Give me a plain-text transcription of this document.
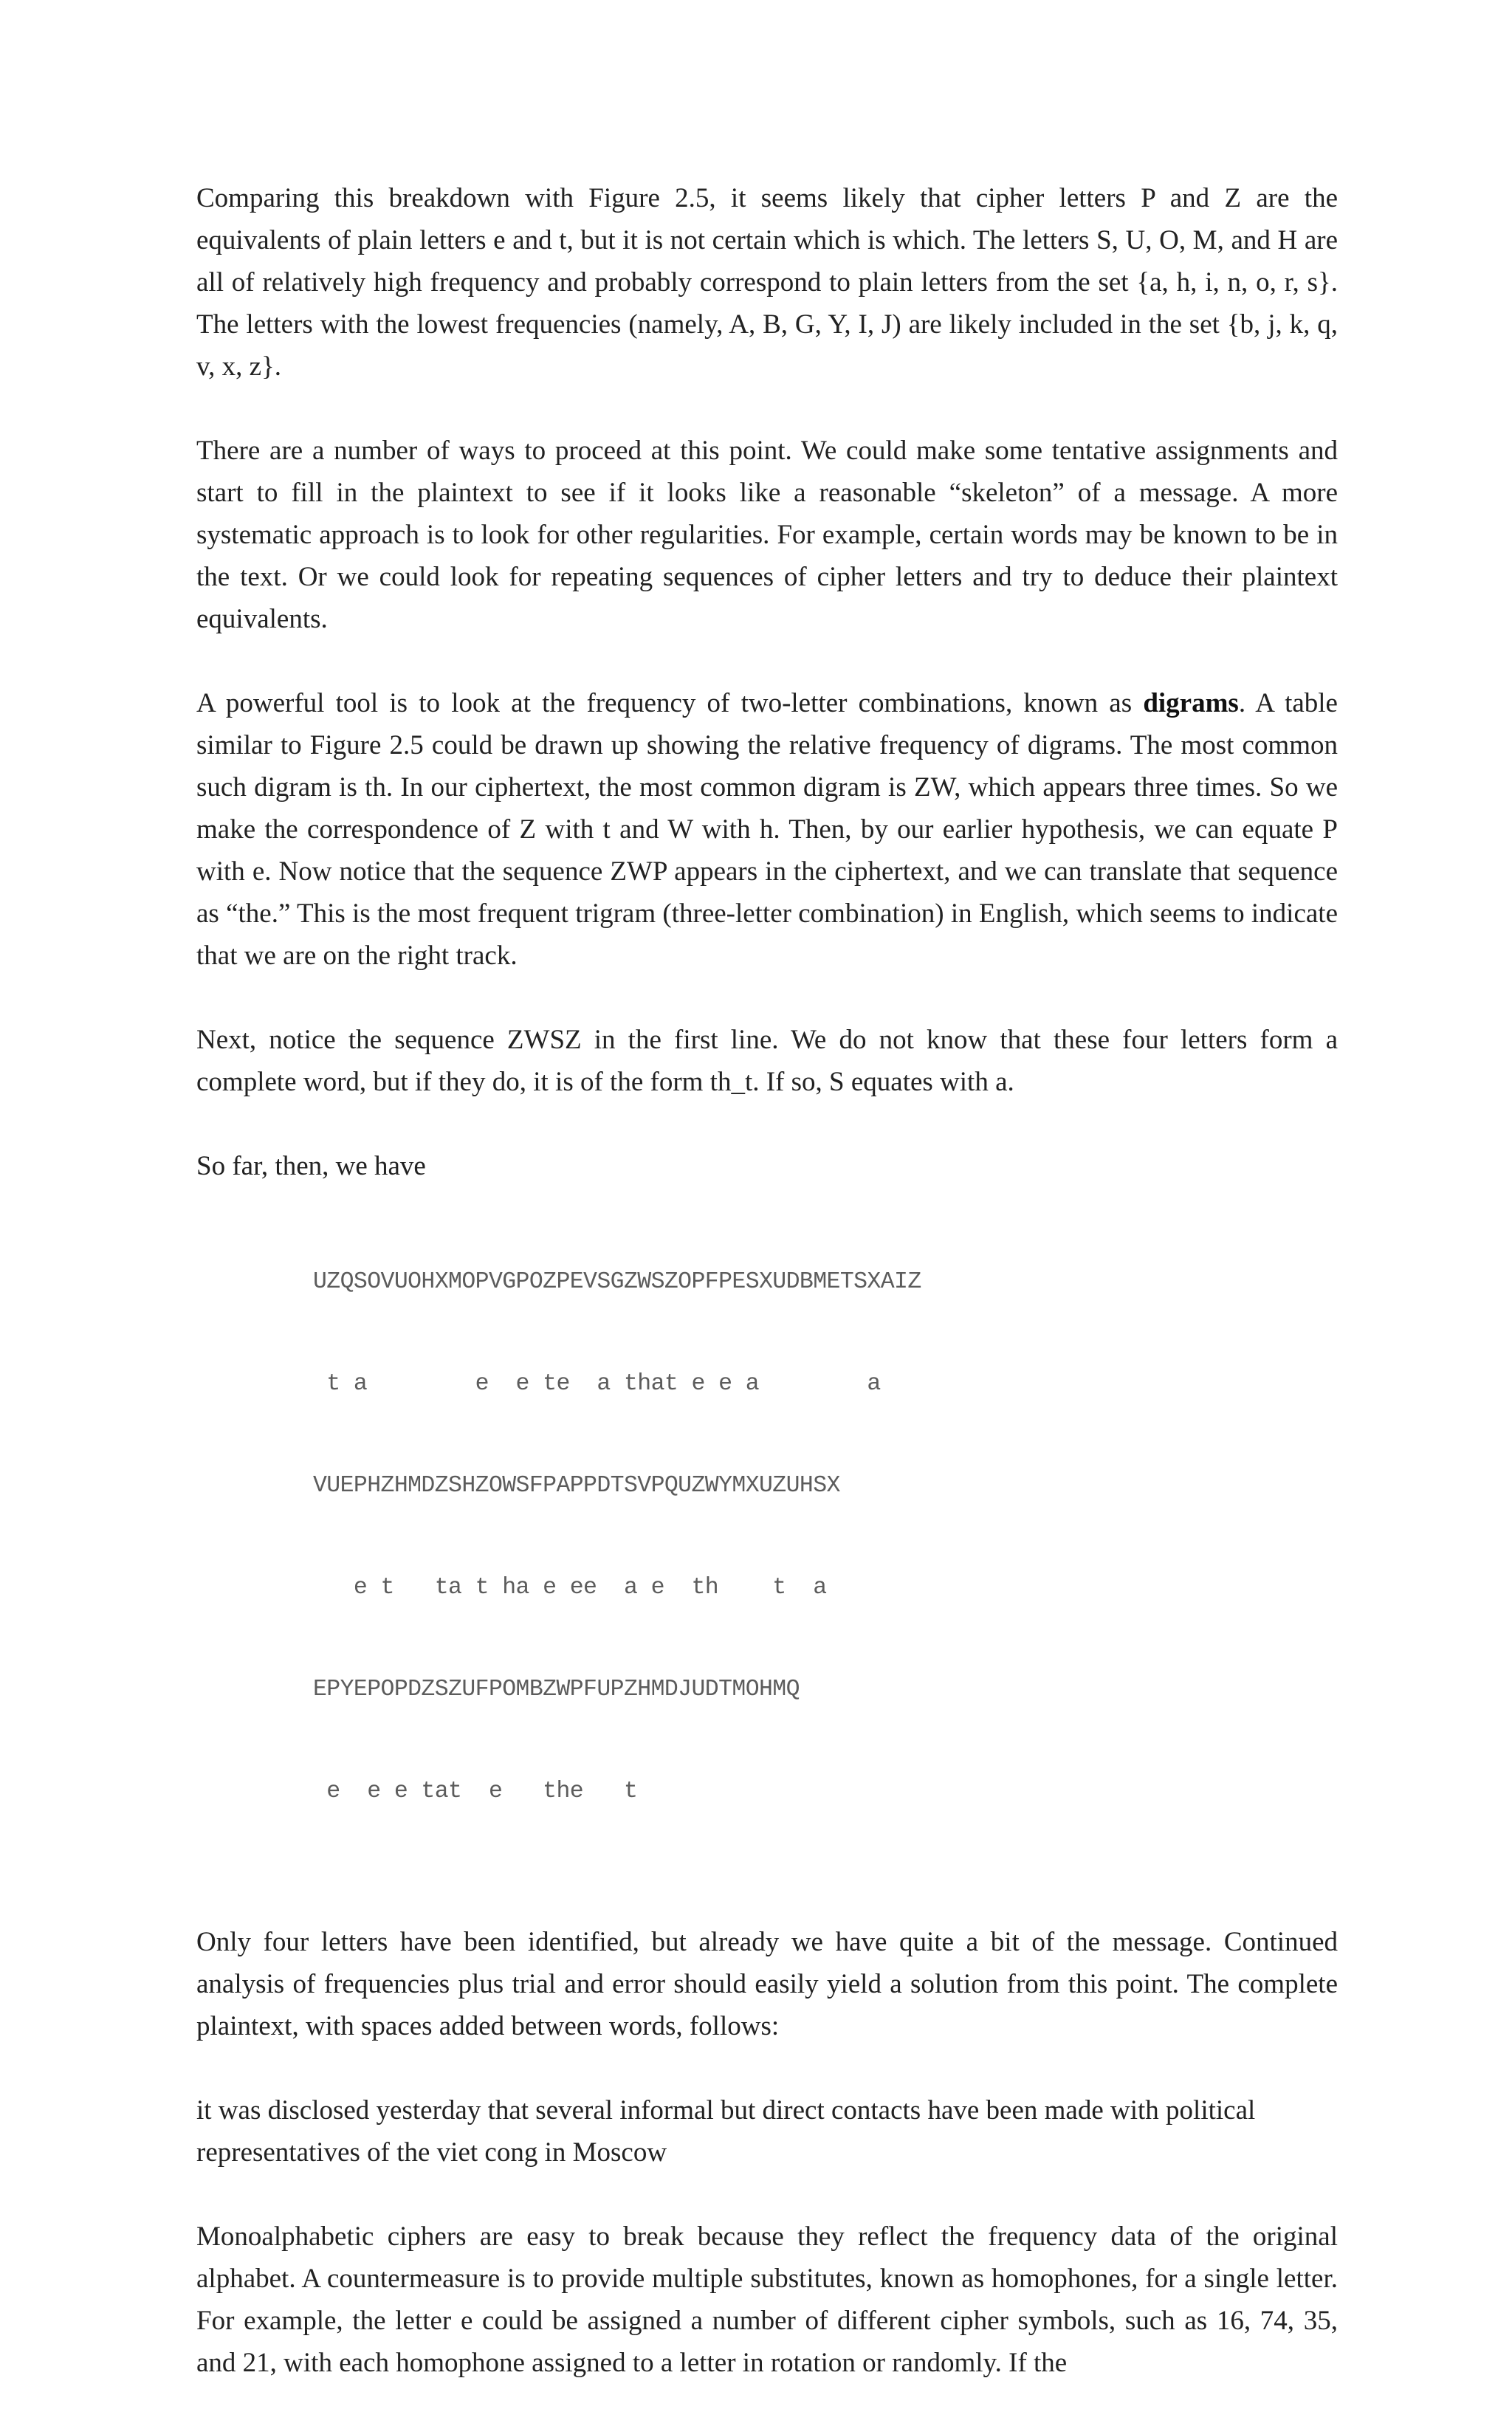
Comparing this breakdown with Figure 2.5, it seems likely that cipher letters P and Z are the equivalents of plain letters e and t, but it is not certain which is which. The letters S, U, O, M, and H are all of relatively high frequency and probably correspond to plain letters from the set {a, h, i, n, o, r, s}. The letters with the lowest frequencies (namely, A, B, G, Y, I, J) are likely included in the set {b, j, k, q, v, x, z}.

There are a number of ways to proceed at this point. We could make some tentative assignments and start to fill in the plaintext to see if it looks like a reasonable “skeleton” of a message. A more systematic approach is to look for other regularities. For example, certain words may be known to be in the text. Or we could look for repeating sequences of cipher letters and try to deduce their plaintext equivalents.

A powerful tool is to look at the frequency of two-letter combinations, known as digrams. A table similar to Figure 2.5 could be drawn up showing the relative frequency of digrams. The most common such digram is th. In our ciphertext, the most common digram is ZW, which appears three times. So we make the correspondence of Z with t and W with h. Then, by our earlier hypothesis, we can equate P with e. Now notice that the sequence ZWP appears in the ciphertext, and we can translate that sequence as “the.” This is the most frequent trigram (three-letter combination) in English, which seems to indicate that we are on the right track.

Next, notice the sequence ZWSZ in the first line. We do not know that these four letters form a complete word, but if they do, it is of the form th_t. If so, S equates with a.

So far, then, we have

UZQSOVUOHXMOPVGPOZPEVSGZWSZOPFPESXUDBMETSXAIZ

t a        e  e te  a that e e a        a

VUEPHZHMDZSHZOWSFPAPPDTSVPQUZWYMXUZUHSX

e t   ta t ha e ee  a e  th    t  a

EPYEPOPDZSZUFPOMBZWPFUPZHMDJUDTMOHMQ

e  e e tat  e   the   t

Only four letters have been identified, but already we have quite a bit of the message. Continued analysis of frequencies plus trial and error should easily yield a solution from this point. The complete plaintext, with spaces added between words, follows:

it was disclosed yesterday that several informal but direct contacts have been made with political representatives of the viet cong in Moscow

Monoalphabetic ciphers are easy to break because they reflect the frequency data of the original alphabet. A countermeasure is to provide multiple substitutes, known as homophones, for a single letter. For example, the letter e could be assigned a number of different cipher symbols, such as 16, 74, 35, and 21, with each homophone assigned to a letter in rotation or randomly. If the
